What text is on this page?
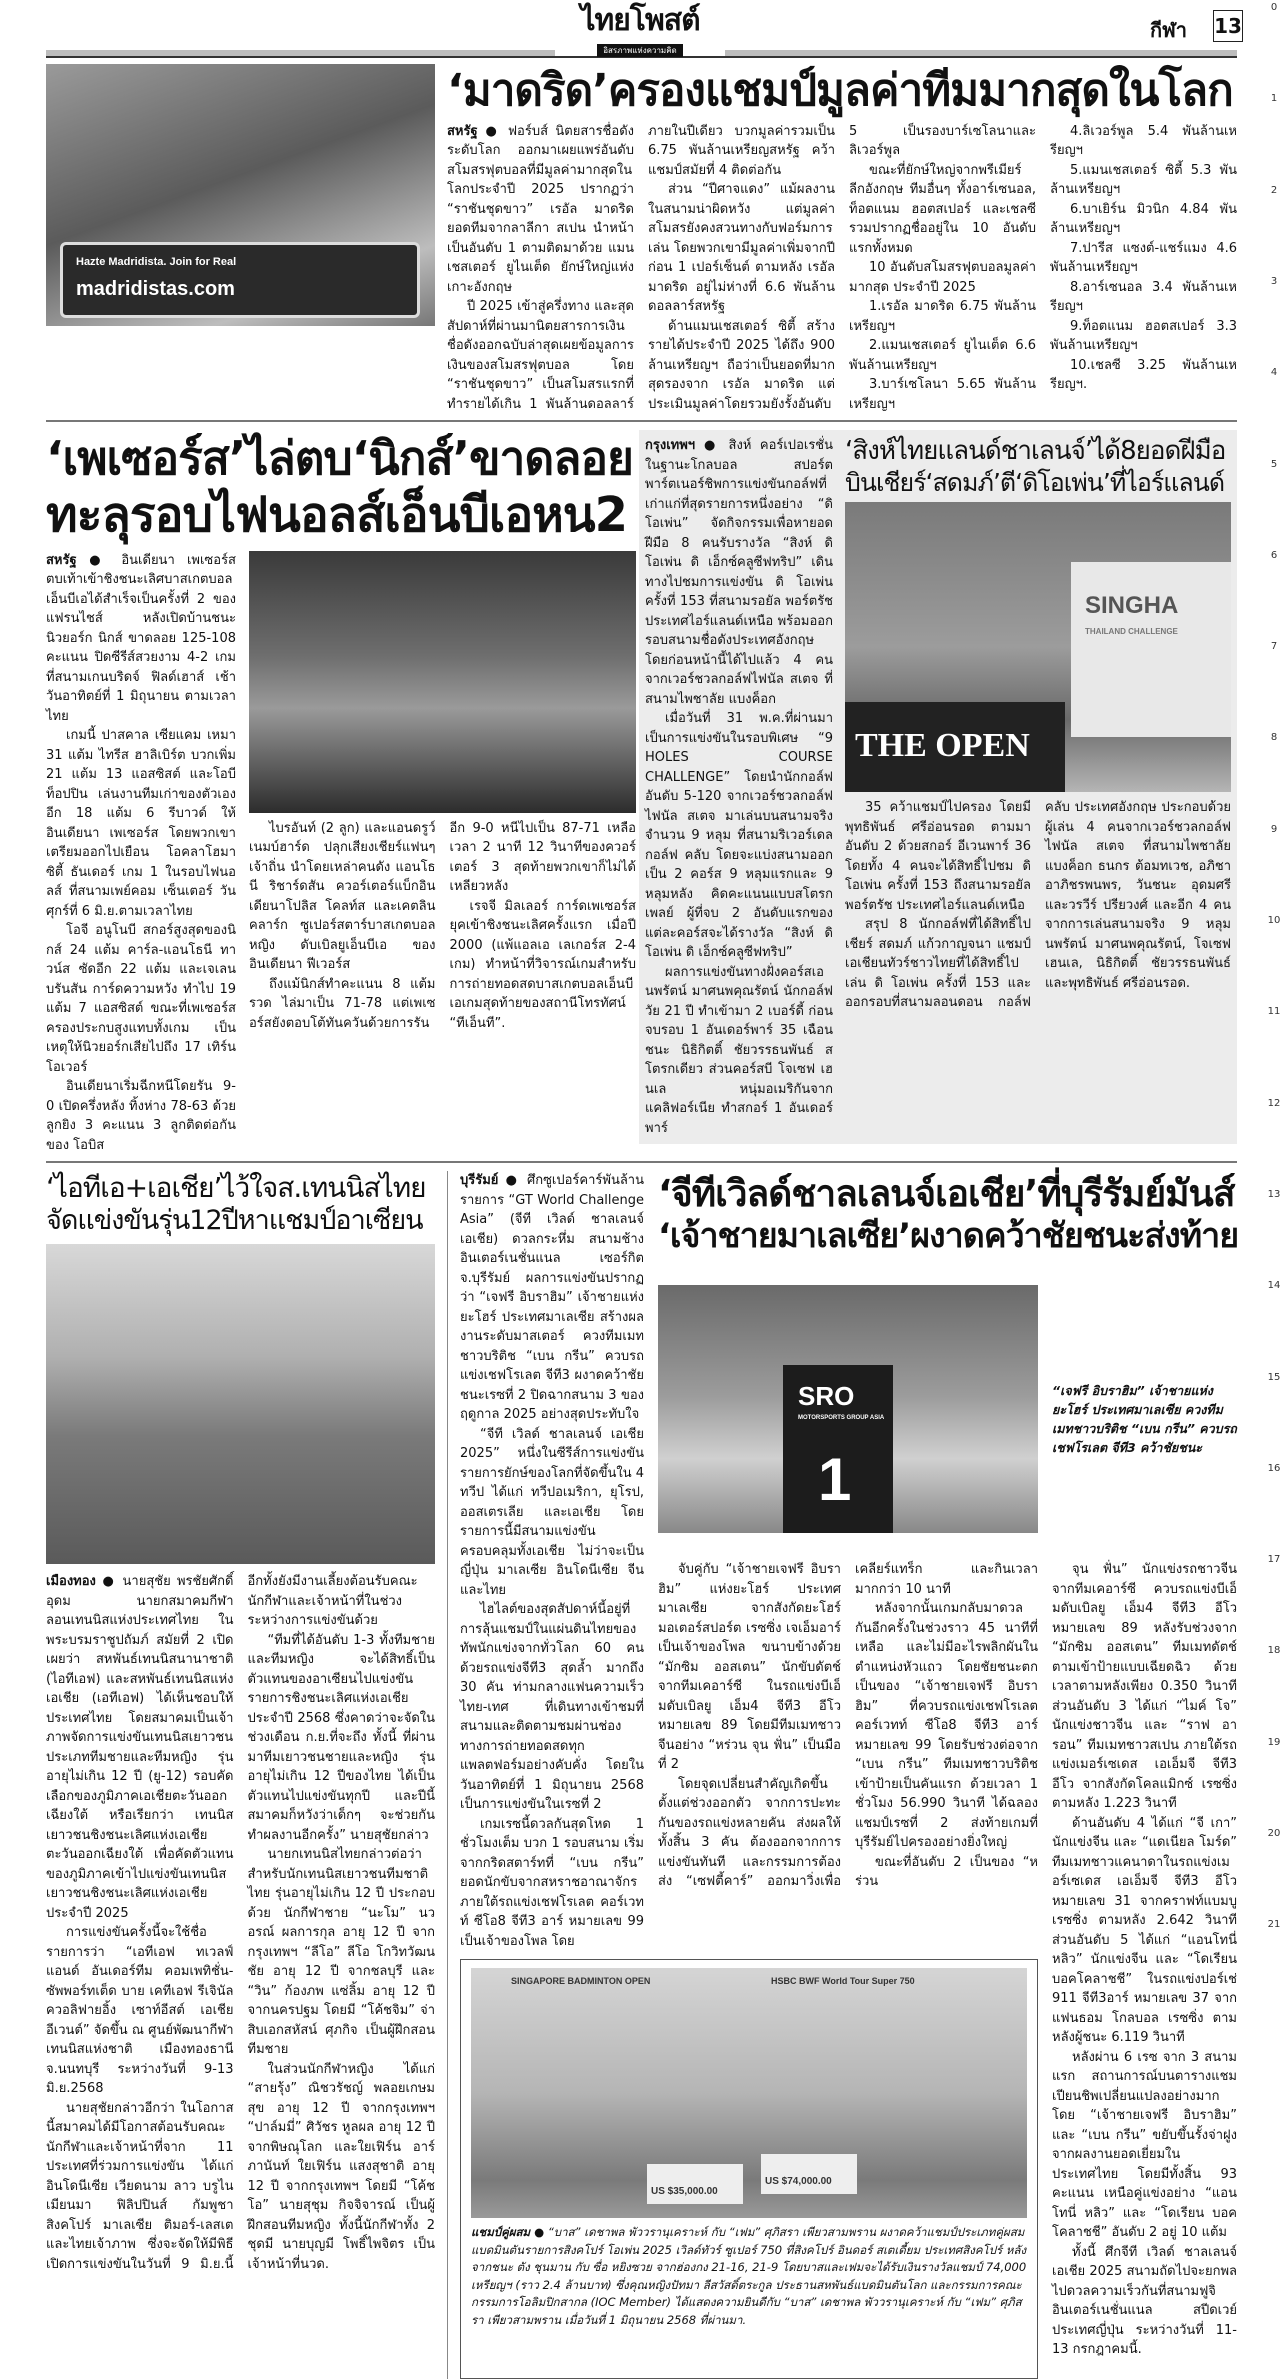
ไทยโพสต์
อิสรภาพแห่งความคิด
กีฬา 13
0
1
2
3
4
5
6
7
8
9
10
11
12
13
14
15
16
17
18
19
20
21
Hazte Madridista. Join for Real
madridistas.com
‘มาดริด’ครองแชมป์มูลค่าทีมมากสุดในโลก

สหรัฐ ● ฟอร์บส์ นิตยสารชื่อดังระดับโลก ออกมาเผยแพร่อันดับสโมสรฟุตบอลที่มีมูลค่ามากสุดในโลกประจำปี 2025 ปรากฏว่า “ราชันชุดขาว” เรอัล มาดริด ยอดทีมจากลาลีกา สเปน นำหน้าเป็นอันดับ 1 ตามติดมาด้วย แมนเชสเตอร์ ยูไนเต็ด ยักษ์ใหญ่แห่งเกาะอังกฤษ

ปี 2025 เข้าสู่ครึ่งทาง และสุดสัปดาห์ที่ผ่านมานิตยสารการเงินชื่อดังออกฉบับล่าสุดเผยข้อมูลการเงินของสโมสรฟุตบอล โดย “ราชันชุดขาว” เป็นสโมสรแรกที่ทำรายได้เกิน 1 พันล้านดอลลาร์ ภายในปีเดียว บวกมูลค่ารวมเป็น 6.75 พันล้านเหรียญสหรัฐ คว้าแชมป์สมัยที่ 4 ติดต่อกัน

ส่วน “ปีศาจแดง” แม้ผลงานในสนามน่าผิดหวัง แต่มูลค่าสโมสรยังคงสวนทางกับฟอร์มการเล่น โดยพวกเขามีมูลค่าเพิ่มจากปีก่อน 1 เปอร์เซ็นต์ ตามหลัง เรอัล มาดริด อยู่ไม่ห่างที่ 6.6 พันล้านดอลลาร์สหรัฐ

ด้านแมนเชสเตอร์ ซิตี้ สร้างรายได้ประจำปี 2025 ได้ถึง 900 ล้านเหรียญฯ ถือว่าเป็นยอดที่มากสุดรองจาก เรอัล มาดริด แต่ประเมินมูลค่าโดยรวมยังรั้งอันดับ 5 เป็นรองบาร์เซโลนาและลิเวอร์พูล

ขณะที่ยักษ์ใหญ่จากพรีเมียร์ลีกอังกฤษ ทีมอื่นๆ ทั้งอาร์เซนอล, ท็อตแนม ฮอตสเปอร์ และเชลซี รวมปรากฏชื่ออยู่ใน 10 อันดับแรกทั้งหมด

10 อันดับสโมสรฟุตบอลมูลค่ามากสุด ประจำปี 2025

1.เรอัล มาดริด 6.75 พันล้านเหรียญฯ

2.แมนเชสเตอร์ ยูไนเต็ด 6.6 พันล้านเหรียญฯ

3.บาร์เซโลนา 5.65 พันล้านเหรียญฯ

4.ลิเวอร์พูล 5.4 พันล้านเหรียญฯ

5.แมนเชสเตอร์ ซิตี้ 5.3 พันล้านเหรียญฯ

6.บาเยิร์น มิวนิก 4.84 พันล้านเหรียญฯ

7.ปารีส แซงต์-แชร์แมง 4.6 พันล้านเหรียญฯ

8.อาร์เซนอล 3.4 พันล้านเหรียญฯ

9.ท็อตแนม ฮอตสเปอร์ 3.3 พันล้านเหรียญฯ

10.เชลซี 3.25 พันล้านเหรียญฯ.

‘เพเซอร์ส’ไล่ตบ‘นิกส์’ขาดลอย
ทะลุรอบไฟนอลส์เอ็นบีเอหน2

สหรัฐ ● อินเดียนา เพเซอร์ส ตบเท้าเข้าชิงชนะเลิศบาสเกตบอลเอ็นบีเอได้สำเร็จเป็นครั้งที่ 2 ของแฟรนไชส์ หลังเปิดบ้านชนะนิวยอร์ก นิกส์ ขาดลอย 125-108 คะแนน ปิดซีรีส์สวยงาม 4-2 เกม ที่สนามเกนบริดจ์ ฟิลด์เฮาส์ เช้าวันอาทิตย์ที่ 1 มิถุนายน ตามเวลาไทย

เกมนี้ ปาสคาล เซียแคม เหมา 31 แต้ม ไทรีส ฮาลิเบิร์ต บวกเพิ่ม 21 แต้ม 13 แอสซิสต์ และโอบี ท็อปปิน เล่นงานทีมเก่าของตัวเองอีก 18 แต้ม 6 รีบาวด์ ให้อินเดียนา เพเซอร์ส โดยพวกเขาเตรียมออกไปเยือน โอคลาโฮมา ซิตี้ ธันเดอร์ เกม 1 ในรอบไฟนอลส์ ที่สนามเพย์คอม เซ็นเตอร์ วันศุกร์ที่ 6 มิ.ย.ตามเวลาไทย

โอจี อนูโนบี สกอร์สูงสุดของนิกส์ 24 แต้ม คาร์ล-แอนโธนี ทาวน์ส ซัดอีก 22 แต้ม และเจเลน บรันสัน การ์ดความหวัง ทำไป 19 แต้ม 7 แอสซิสต์ ขณะที่เพเซอร์สครองประกบสูงแทบทั้งเกม เป็นเหตุให้นิวยอร์กเสียไปถึง 17 เทิร์นโอเวอร์

อินเดียนาเริ่มฉีกหนีโดยรัน 9-0 เปิดครึ่งหลัง ทิ้งห่าง 78-63 ด้วยลูกยิง 3 คะแนน 3 ลูกติดต่อกันของ โอบิส

ไบรอันท์ (2 ลูก) และแอนดรูว์ เนมบ์ฮาร์ด ปลุกเสียงเชียร์แฟนๆ เจ้าถิ่น นำโดยเหล่าคนดัง แอนโธนี ริชาร์ดสัน ควอร์เตอร์แบ็กอินเดียนาโปลิส โคลท์ส และเคตลิน คลาร์ก ซูเปอร์สตาร์บาสเกตบอลหญิง ดับเบิลยูเอ็นบีเอ ของอินเดียนา ฟีเวอร์ส

ถึงแม้นิกส์ทำคะแนน 8 แต้มรวด ไล่มาเป็น 71-78 แต่เพเซอร์สยังตอบโต้ทันควันด้วยการรันอีก 9-0 หนีไปเป็น 87-71 เหลือเวลา 2 นาที 12 วินาทีของควอร์เตอร์ 3 สุดท้ายพวกเขาก็ไม่ได้เหลียวหลัง

เรจจี มิลเลอร์ การ์ดเพเซอร์สยุคเข้าชิงชนะเลิศครั้งแรก เมื่อปี 2000 (แพ้แอลเอ เลเกอร์ส 2-4 เกม) ทำหน้าที่วิจารณ์เกมสำหรับการถ่ายทอดสดบาสเกตบอลเอ็นบีเอเกมสุดท้ายของสถานีโทรทัศน์ “ทีเอ็นที”.

กรุงเทพฯ ● สิงห์ คอร์เปอเรชั่น ในฐานะโกลบอล สปอร์ต พาร์ตเนอร์ชิพการแข่งขันกอล์ฟที่เก่าแก่ที่สุดรายการหนึ่งอย่าง “ดิ โอเพ่น” จัดกิจกรรมเพื่อหายอดฝีมือ 8 คนรับรางวัล “สิงห์ ดิ โอเพ่น ดิ เอ็กซ์คลูซีฟทริป” เดินทางไปชมการแข่งขัน ดิ โอเพ่น ครั้งที่ 153 ที่สนามรอยัล พอร์ตรัช ประเทศไอร์แลนด์เหนือ พร้อมออกรอบสนามชื่อดังประเทศอังกฤษ โดยก่อนหน้านี้ได้ไปแล้ว 4 คน จากเวอร์ชวลกอล์ฟไฟนัล สเตจ ที่สนามไพชาลัย แบงค็อก

เมื่อวันที่ 31 พ.ค.ที่ผ่านมา เป็นการแข่งขันในรอบพิเศษ “9 HOLES COURSE CHALLENGE” โดยนำนักกอล์ฟอันดับ 5-120 จากเวอร์ชวลกอล์ฟไฟนัล สเตจ มาเล่นบนสนามจริงจำนวน 9 หลุม ที่สนามริเวอร์เดล กอล์ฟ คลับ โดยจะแบ่งสนามออกเป็น 2 คอร์ส 9 หลุมแรกและ 9 หลุมหลัง คิดคะแนนแบบสโตรกเพลย์ ผู้ที่จบ 2 อันดับแรกของแต่ละคอร์สจะได้รางวัล “สิงห์ ดิ โอเพ่น ดิ เอ็กซ์คลูซีฟทริป”

ผลการแข่งขันทางฝั่งคอร์สเอ นพรัตน์ มาศนพคุณรัตน์ นักกอล์ฟวัย 21 ปี ทำเข้ามา 2 เบอร์ดี้ ก่อนจบรอบ 1 อันเดอร์พาร์ 35 เฉือนชนะ นิธิกิตติ์ ชัยวรรธนพันธ์ สโตรกเดียว ส่วนคอร์สบี โจเซฟ เฮนเล หนุ่มอเมริกันจากแคลิฟอร์เนีย ทำสกอร์ 1 อันเดอร์พาร์

‘สิงห์ไทยแลนด์ชาเลนจ์’ได้8ยอดฝีมือ
บินเชียร์‘สดมภ์’ตี‘ดิโอเพ่น’ที่ไอร์แลนด์
SINGHA
THAILAND CHALLENGE
THE OPEN

35 คว้าแชมป์ไปครอง โดยมี พุทธิพันธ์ ศรีอ่อนรอด ตามมาอันดับ 2 ด้วยสกอร์ อีเวนพาร์ 36 โดยทั้ง 4 คนจะได้สิทธิ์ไปชม ดิ โอเพ่น ครั้งที่ 153 ถึงสนามรอยัล พอร์ตรัช ประเทศไอร์แลนด์เหนือ

สรุป 8 นักกอล์ฟที่ได้สิทธิ์ไปเชียร์ สดมภ์ แก้วกาญจนา แชมป์เอเชียนทัวร์ชาวไทยที่ได้สิทธิ์ไปเล่น ดิ โอเพ่น ครั้งที่ 153 และออกรอบที่สนามลอนดอน กอล์ฟ คลับ ประเทศอังกฤษ ประกอบด้วย ผู้เล่น 4 คนจากเวอร์ชวลกอล์ฟ ไฟนัล สเตจ ที่สนามไพชาลัย แบงค็อก ธนกร ต้อมทเวช, อภิชา อาภิชรพนพร, วันชนะ อุดมศรี และวรวีร์ ปรียวงศ์ และอีก 4 คน จากการเล่นสนามจริง 9 หลุม นพรัตน์ มาศนพคุณรัตน์, โจเซฟ เฮนเล, นิธิกิตติ์ ชัยวรรธนพันธ์ และพุทธิพันธ์ ศรีอ่อนรอด.

‘ไอทีเอ+เอเชีย’ไว้ใจส.เทนนิสไทย
จัดแข่งขันรุ่น12ปีหาแชมป์อาเซียน

เมืองทอง ● นายสุชัย พรชัยศักดิ์อุดม นายกสมาคมกีฬาลอนเทนนิสแห่งประเทศไทย ในพระบรมราชูปถัมภ์ สมัยที่ 2 เปิดเผยว่า สหพันธ์เทนนิสนานาชาติ (ไอทีเอฟ) และสหพันธ์เทนนิสแห่งเอเชีย (เอทีเอฟ) ได้เห็นชอบให้ประเทศไทย โดยสมาคมเป็นเจ้าภาพจัดการแข่งขันเทนนิสเยาวชน ประเภททีมชายและทีมหญิง รุ่นอายุไม่เกิน 12 ปี (ยู-12) รอบคัดเลือกของภูมิภาคเอเชียตะวันออกเฉียงใต้ หรือเรียกว่า เทนนิสเยาวชนชิงชนะเลิศแห่งเอเชียตะวันออกเฉียงใต้ เพื่อคัดตัวแทนของภูมิภาคเข้าไปแข่งขันเทนนิสเยาวชนชิงชนะเลิศแห่งเอเชีย ประจำปี 2025

การแข่งขันครั้งนี้จะใช้ชื่อรายการว่า “เอทีเอฟ ทเวลฟ์ แอนด์ อันเดอร์ทีม คอมเพทิชั่น-ซัพพอร์ทเต็ด บาย เคทีเอฟ รีเจินัล ควอลิฟายอิ้ง เซาท์อีสต์ เอเชีย อีเวนต์” จัดขึ้น ณ ศูนย์พัฒนากีฬาเทนนิสแห่งชาติ เมืองทองธานี จ.นนทบุรี ระหว่างวันที่ 9-13 มิ.ย.2568

นายสุชัยกล่าวอีกว่า ในโอกาสนี้สมาคมได้มีโอกาสต้อนรับคณะนักกีฬาและเจ้าหน้าที่จาก 11 ประเทศที่ร่วมการแข่งขัน ได้แก่ อินโดนีเซีย เวียดนาม ลาว บรูไน เมียนมา ฟิลิปปินส์ กัมพูชา สิงคโปร์ มาเลเซีย ติมอร์-เลสเต และไทยเจ้าภาพ ซึ่งจะจัดให้มีพิธีเปิดการแข่งขันในวันที่ 9 มิ.ย.นี้ อีกทั้งยังมีงานเลี้ยงต้อนรับคณะนักกีฬาและเจ้าหน้าที่ในช่วงระหว่างการแข่งขันด้วย

“ทีมที่ได้อันดับ 1-3 ทั้งทีมชายและทีมหญิง จะได้สิทธิ์เป็นตัวแทนของอาเซียนไปแข่งขันรายการชิงชนะเลิศแห่งเอเชีย ประจำปี 2568 ซึ่งคาดว่าจะจัดในช่วงเดือน ก.ย.ที่จะถึง ทั้งนี้ ที่ผ่านมาทีมเยาวชนชายและหญิง รุ่นอายุไม่เกิน 12 ปีของไทย ได้เป็นตัวแทนไปแข่งขันทุกปี และปีนี้สมาคมก็หวังว่าเด็กๆ จะช่วยกันทำผลงานอีกครั้ง” นายสุชัยกล่าว

นายกเทนนิสไทยกล่าวต่อว่า สำหรับนักเทนนิสเยาวชนทีมชาติไทย รุ่นอายุไม่เกิน 12 ปี ประกอบด้วย นักกีฬาชาย “นะโม” นวอรณ์ ผลการกุล อายุ 12 ปี จากกรุงเทพฯ “ลีโอ” ลีโอ โกวิทวัฒนชัย อายุ 12 ปี จากชลบุรี และ “วิน” ก้องภพ แซ่ลิ้ม อายุ 12 ปี จากนครปฐม โดยมี “โค้ชจิม” จ่าสิบเอกสหัสน์ ศุภกิจ เป็นผู้ฝึกสอนทีมชาย

ในส่วนนักกีฬาหญิง ได้แก่ “สายรุ้ง” ณิชวรัชญ์ พลอยเกษมสุข อายุ 12 ปี จากกรุงเทพฯ “ปาล์มมี่” ศิวัชร หูลผล อายุ 12 ปี จากพิษณุโลก และใยเฟิร์น อาร์ภานันท์ ใยเฟิร์น แสงสุชาติ อายุ 12 ปี จากกรุงเทพฯ โดยมี “โค้ชโอ” นายสุชุม กิจจิจารณ์ เป็นผู้ฝึกสอนทีมหญิง ทั้งนี้นักกีฬาทั้ง 2 ชุดมี นายบุญมี โพธิ์ไพจิตร เป็นเจ้าหน้าที่นวด.

บุรีรัมย์ ● ศึกซูเปอร์คาร์พันล้านรายการ “GT World Challenge Asia” (จีที เวิลด์ ชาลเลนจ์ เอเชีย) ดวลกระหึ่ม สนามช้าง อินเตอร์เนชั่นแนล เซอร์กิต จ.บุรีรัมย์ ผลการแข่งขันปรากฏว่า “เจฟรี อิบราฮิม” เจ้าชายแห่งยะโฮร์ ประเทศมาเลเซีย สร้างผลงานระดับมาสเตอร์ ควงทีมเมทชาวบริติช “เบน กรีน” ควบรถแข่งเชฟโรเลต จีที3 ผงาดคว้าชัยชนะเรซที่ 2 ปิดฉากสนาม 3 ของฤดูกาล 2025 อย่างสุดประทับใจ

“จีที เวิลด์ ชาลเลนจ์ เอเชีย 2025” หนึ่งในซีรีส์การแข่งขันรายการยักษ์ของโลกที่จัดขึ้นใน 4 ทวีป ได้แก่ ทวีปอเมริกา, ยุโรป, ออสเตรเลีย และเอเชีย โดยรายการนี้มีสนามแข่งขันครอบคลุมทั้งเอเชีย ไม่ว่าจะเป็นญี่ปุ่น มาเลเซีย อินโดนีเซีย จีนและไทย

ไฮไลต์ของสุดสัปดาห์นี้อยู่ที่การลุ้นแชมป์ในแผ่นดินไทยของทัพนักแข่งจากทั่วโลก 60 คน ด้วยรถแข่งจีที3 สุดล้ำ มากถึง 30 คัน ท่ามกลางแฟนความเร็วไทย-เทศ ที่เดินทางเข้าชมที่สนามและติดตามชมผ่านช่องทางการถ่ายทอดสดทุกแพลตฟอร์มอย่างคับคั่ง โดยในวันอาทิตย์ที่ 1 มิถุนายน 2568 เป็นการแข่งขันในเรซที่ 2

เกมเรซนี้ดวลกันสุดโหด 1 ชั่วโมงเต็ม บวก 1 รอบสนาม เริ่มจากกริดสตาร์ทที่ “เบน กรีน” ยอดนักขับจากสหราชอาณาจักรภายใต้รถแข่งเชฟโรเลต คอร์เวทท์ ซีโอ8 จีที3 อาร์ หมายเลข 99 เป็นเจ้าของโพล โดย

‘จีทีเวิลด์ชาลเลนจ์เอเชีย’ที่บุรีรัมย์มันส์
‘เจ้าชายมาเลเซีย’ผงาดคว้าชัยชนะส่งท้าย
SRO
MOTORSPORTS GROUP ASIA
1
“เจฟรี อิบราฮิม” เจ้าชายแห่งยะโฮร์ ประเทศมาเลเซีย ควงทีมเมทชาวบริติช “เบน กรีน” ควบรถเชฟโรเลต จีที3 คว้าชัยชนะ

จับคู่กับ “เจ้าชายเจฟรี อิบราฮิม” แห่งยะโฮร์ ประเทศมาเลเซีย จากสังกัดยะโฮร์ มอเตอร์สปอร์ต เรซซิ่ง เจเอ็มอาร์ เป็นเจ้าของโพล ขนาบข้างด้วย “มักซิม ออสเตน” นักขับดัตช์จากทีมเคอาร์ซี ในรถแข่งบีเอ็มดับเบิลยู เอ็ม4 จีที3 อีโว หมายเลข 89 โดยมีทีมเมทชาวจีนอย่าง “หร่วน จุน ฟั่น” เป็นมือที่ 2

โดยจุดเปลี่ยนสำคัญเกิดขึ้นตั้งแต่ช่วงออกตัว จากการปะทะกันของรถแข่งหลายคัน ส่งผลให้ทั้งสิ้น 3 คัน ต้องออกจากการแข่งขันทันที และกรรมการต้องส่ง “เซฟตี้คาร์” ออกมาวิ่งเพื่อเคลียร์แทร็ก และกินเวลามากกว่า 10 นาที

หลังจากนั้นเกมกลับมาดวลกันอีกครั้งในช่วงราว 45 นาทีที่เหลือ และไม่มีอะไรพลิกผันในตำแหน่งหัวแถว โดยชัยชนะตกเป็นของ “เจ้าชายเจฟรี อิบราฮิม” ที่ควบรถแข่งเชฟโรเลต คอร์เวทท์ ซีโอ8 จีที3 อาร์ หมายเลข 99 โดยรับช่วงต่อจาก “เบน กรีน” ทีมเมทชาวบริติช เข้าป้ายเป็นคันแรก ด้วยเวลา 1 ชั่วโมง 56.990 วินาที ได้ฉลองแชมป์เรซที่ 2 ส่งท้ายเกมที่บุรีรัมย์ไปครองอย่างยิ่งใหญ่

ขณะที่อันดับ 2 เป็นของ “หร่วน

จุน ฟั่น” นักแข่งรถชาวจีน จากทีมเคอาร์ซี ควบรถแข่งบีเอ็มดับเบิลยู เอ็ม4 จีที3 อีโว หมายเลข 89 หลังรับช่วงจาก “มักซิม ออสเตน” ทีมเมทดัตช์ตามเข้าป้ายแบบเฉียดฉิว ด้วยเวลาตามหลังเพียง 0.350 วินาที ส่วนอันดับ 3 ได้แก่ “ไมค์ โจ” นักแข่งชาวจีน และ “ราฟ อารอน” ทีมเมทชาวสเปน ภายใต้รถแข่งเมอร์เซเดส เอเอ็มจี จีที3 อีโว จากสังกัดโคลแมิกซ์ เรซซิ่ง ตามหลัง 1.223 วินาที

ด้านอันดับ 4 ได้แก่ “จี เกา” นักแข่งจีน และ “แดเนียล โมร์ด” ทีมเมทชาวแคนาดาในรถแข่งเมอร์เซเดส เอเอ็มจี จีที3 อีโว หมายเลข 31 จากคราฟท์แบมบู เรซซิ่ง ตามหลัง 2.642 วินาที ส่วนอันดับ 5 ได้แก่ “แอนโทนี่ หลิว” นักแข่งจีน และ “โดเรียน บอคโคลาชชี” ในรถแข่งปอร์เช่ 911 จีที3อาร์ หมายเลข 37 จากแฟนธอม โกลบอล เรซซิ่ง ตามหลังผู้ชนะ 6.119 วินาที

หลังผ่าน 6 เรซ จาก 3 สนามแรก สถานการณ์บนตารางแชมเปียนชิพเปลี่ยนแปลงอย่างมาก โดย “เจ้าชายเจฟรี อิบราฮิม” และ “เบน กรีน” ขยับขึ้นรั้งจ่าฝูงจากผลงานยอดเยี่ยมในประเทศไทย โดยมีทั้งสิ้น 93 คะแนน เหนือคู่แข่งอย่าง “แอนโทนี่ หลิว” และ “โดเรียน บอคโคลาชชี” อันดับ 2 อยู่ 10 แต้ม

ทั้งนี้ ศึกจีที เวิลด์ ชาลเลนจ์ เอเชีย 2025 สนามถัดไปจะยกพลไปดวลความเร็วกันที่สนามฟูจิ อินเตอร์เนชั่นแนล สปีดเวย์ ประเทศญี่ปุ่น ระหว่างวันที่ 11-13 กรกฎาคมนี้.

SINGAPORE BADMINTON OPEN	HSBC BWF World Tour Super 750
US $35,000.00
US $74,000.00
แชมป์คู่ผสม ● “บาส” เดชาพล พัววรานุเคราะห์ กับ “เฟม” ศุภิสรา เพียวสามพราน ผงาดคว้าแชมป์ประเภทคู่ผสมแบดมินตันรายการสิงคโปร์ โอเพ่น 2025 เวิลด์ทัวร์ ซูเปอร์ 750 ที่สิงคโปร์ อินดอร์ สเตเดี้ยม ประเทศสิงคโปร์ หลังจากชนะ ตัง ชุนมาน กับ ซื่อ หยิงซวย จากฮ่องกง 21-16, 21-9 โดยบาสและเฟมจะได้รับเงินรางวัลแชมป์ 74,000 เหรียญฯ (ราว 2.4 ล้านบาท) ซึ่งคุณหญิงปัทมา ลีสวัสดิ์ตระกูล ประธานสหพันธ์แบดมินตันโลก และกรรมการคณะกรรมการโอลิมปิกสากล (IOC Member) ได้แสดงความยินดีกับ “บาส” เดชาพล พัววรานุเคราะห์ กับ “เฟม” ศุภิสรา เพียวสามพราน เมื่อวันที่ 1 มิถุนายน 2568 ที่ผ่านมา.
